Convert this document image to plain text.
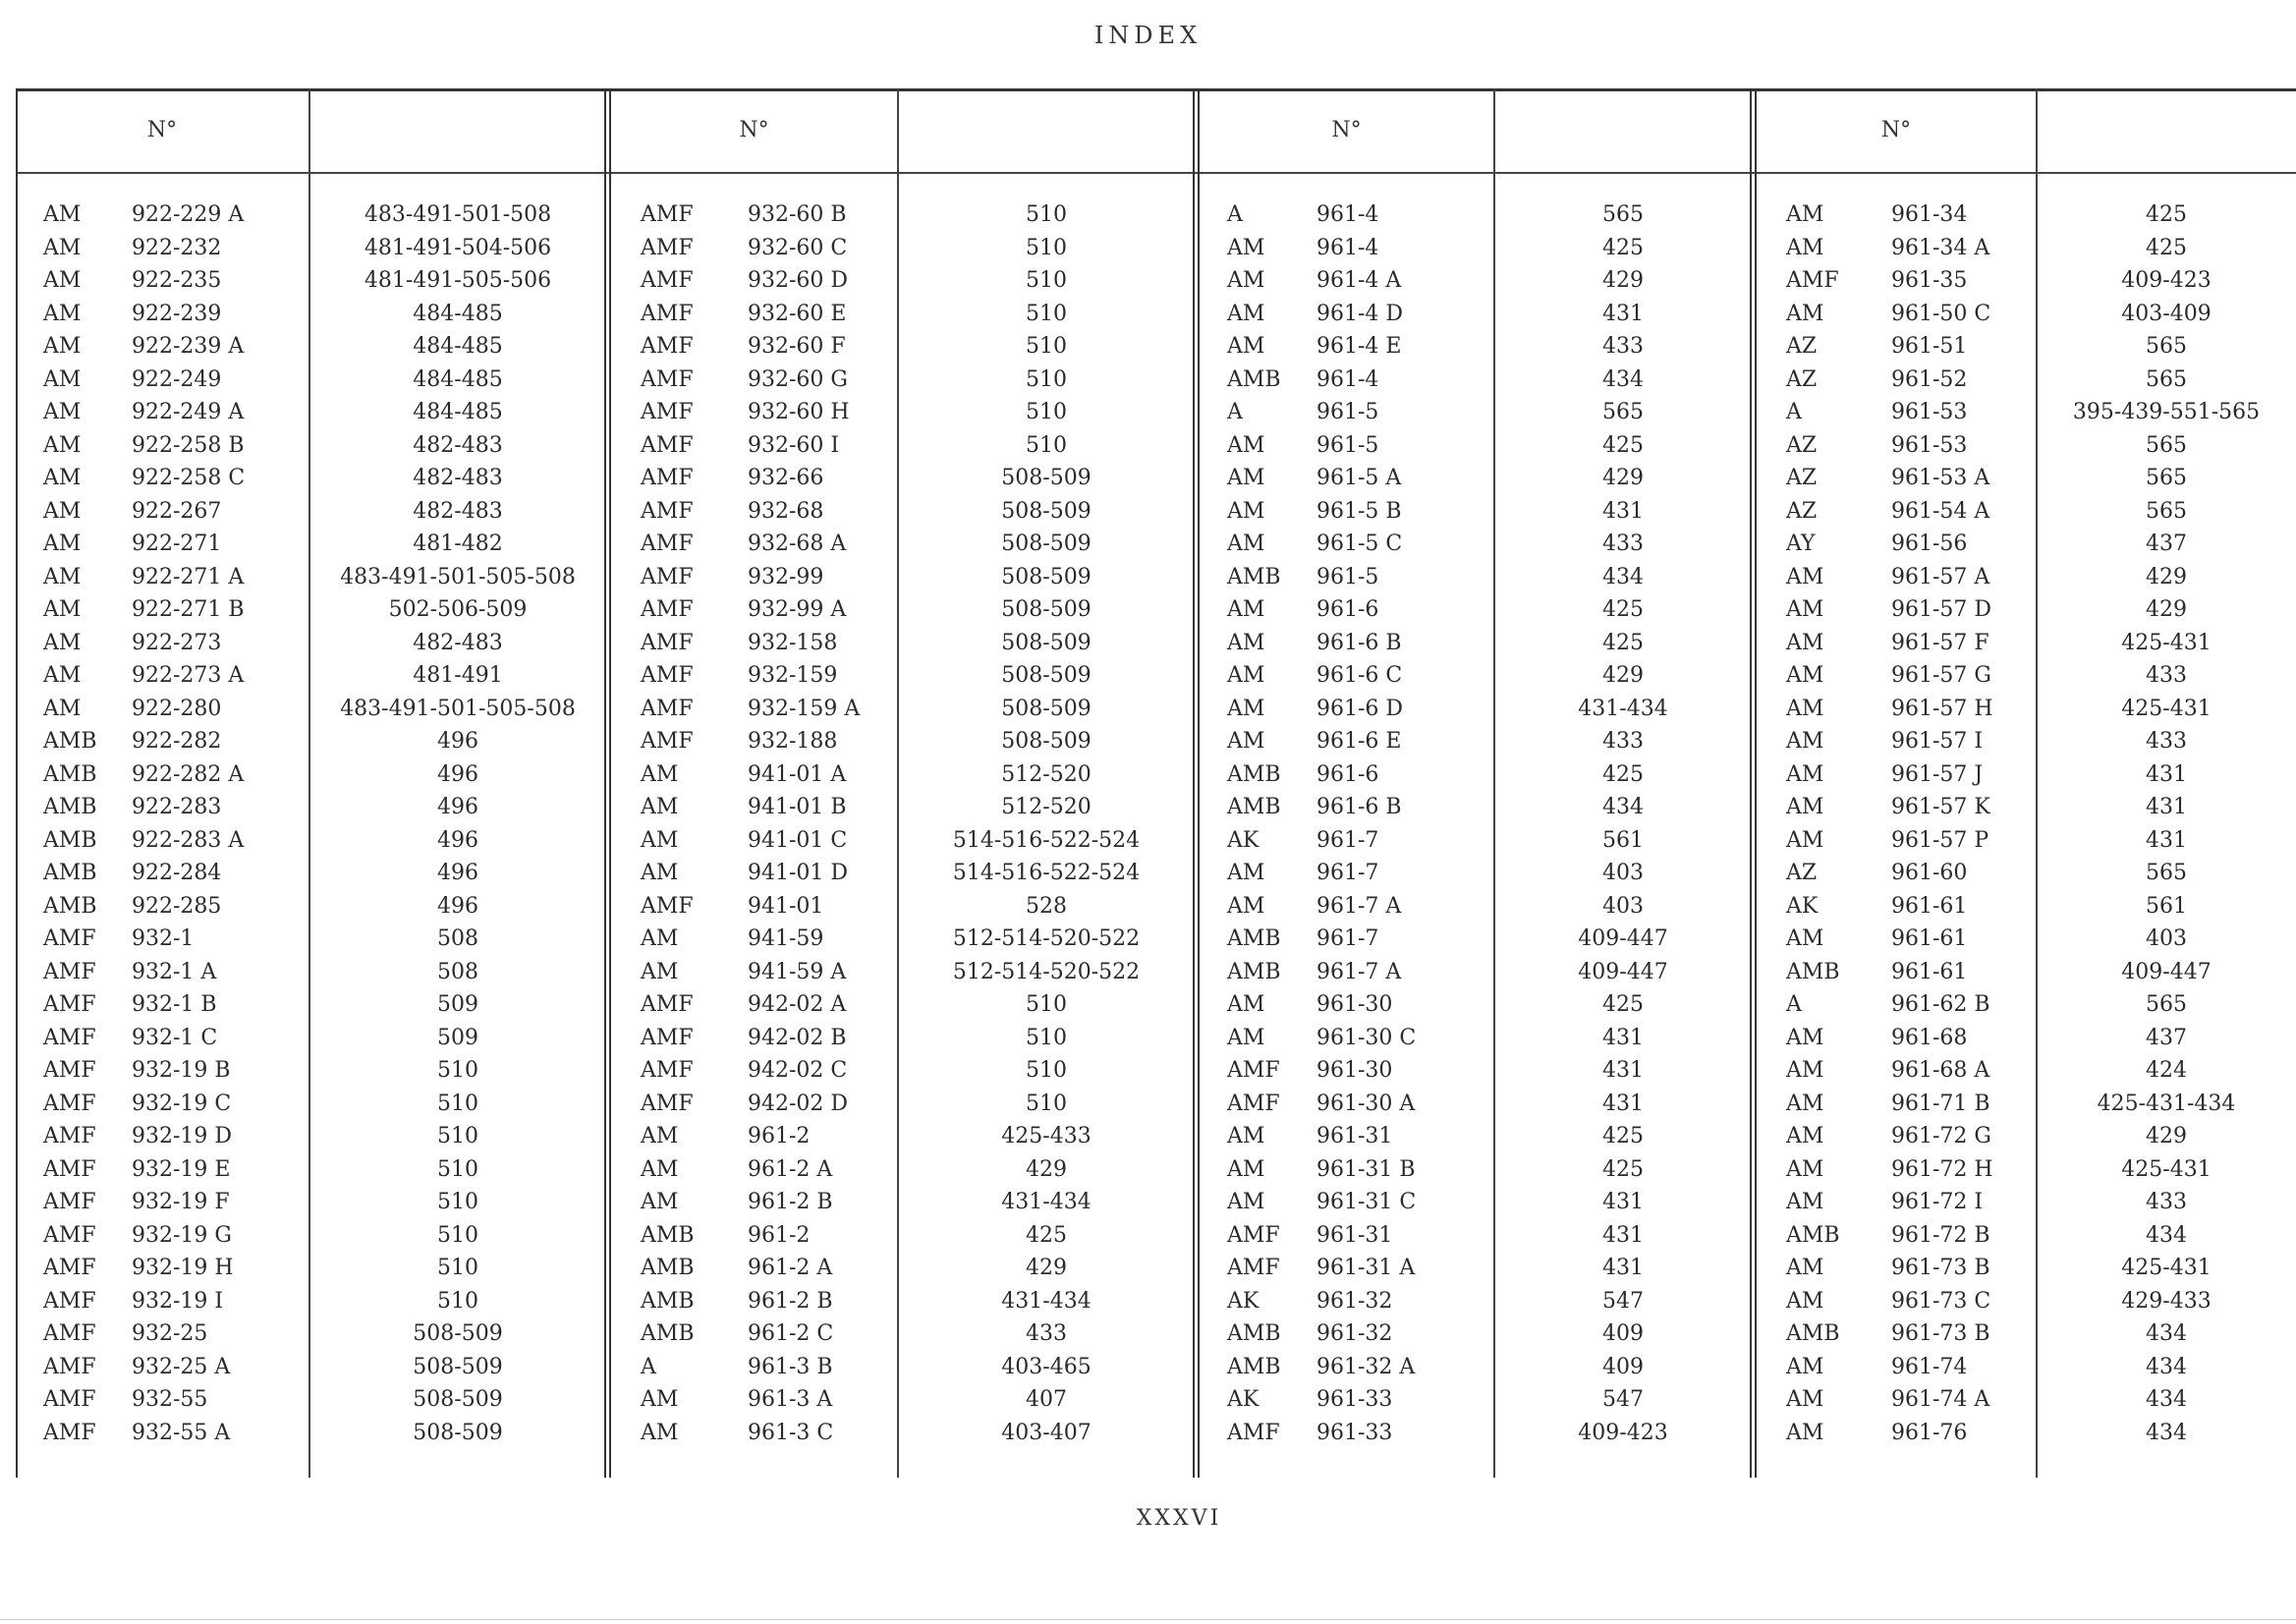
INDEX
N°	N°	N°	N°
AM 922-229 A	483-491-501-508
AM 922-232	481-491-504-506
AM 922-235	481-491-505-506
AM 922-239	484-485
AM 922-239 A	484-485
AM 922-249	484-485
AM 922-249 A	484-485
AM 922-258 B	482-483
AM 922-258 C	482-483
AM 922-267	482-483
AM 922-271	481-482
AM 922-271 A	483-491-501-505-508
AM 922-271 B	502-506-509
AM 922-273	482-483
AM 922-273 A	481-491
AM 922-280	483-491-501-505-508
AMB 922-282	496
AMB 922-282 A	496
AMB 922-283	496
AMB 922-283 A	496
AMB 922-284	496
AMB 922-285	496
AMF 932-1	508
AMF 932-1 A	508
AMF 932-1 B	509
AMF 932-1 C	509
AMF 932-19 B	510
AMF 932-19 C	510
AMF 932-19 D	510
AMF 932-19 E	510
AMF 932-19 F	510
AMF 932-19 G	510
AMF 932-19 H	510
AMF 932-19 I	510
AMF 932-25	508-509
AMF 932-25 A	508-509
AMF 932-55	508-509
AMF 932-55 A	508-509
AMF	932-60 B	510
AMF	932-60 C	510
AMF	932-60 D	510
AMF	932-60 E	510
AMF	932-60 F	510
AMF	932-60 G	510
AMF	932-60 H	510
AMF	932-60 I	510
AMF	932-66	508-509
AMF	932-68	508-509
AMF	932-68 A	508-509
AMF	932-99	508-509
AMF	932-99 A	508-509
AMF	932-158	508-509
AMF	932-159	508-509
AMF	932-159 A	508-509
AMF	932-188	508-509
AM	941-01 A	512-520
AM	941-01 B	512-520
AM	941-01 C	514-516-522-524
AM	941-01 D	514-516-522-524
AMF	941-01	528
AM	941-59	512-514-520-522
AM	941-59 A	512-514-520-522
AMF	942-02 A	510
AMF	942-02 B	510
AMF	942-02 C	510
AMF	942-02 D	510
AM	961-2	425-433
AM	961-2 A	429
AM	961-2 B	431-434
AMB 961-2	425
AMB 961-2 A	429
AMB 961-2 B	431-434
AMB 961-2 C	433
A	961-3 B	403-465
AM	961-3 A	407
AM	961-3 C	403-407
A	961-4	565
AM 961-4	425
AM 961-4 A	429
AM 961-4 D	431
AM 961-4 E	433
AMB 961-4	434
A	961-5	565
AM 961-5	425
AM 961-5 A	429
AM 961-5 B	431
AM 961-5 C	433
AMB 961-5	434
AM 961-6	425
AM 961-6 B	425
AM 961-6 C	429
AM 961-6 D	431-434
AM 961-6 E	433
AMB 961-6	425
AMB 961-6 B	434
AK	961-7	561
AM 961-7	403
AM 961-7 A	403
AMB 961-7	409-447
AMB 961-7 A	409-447
AM 961-30	425
AM 961-30 C	431
AMF 961-30	431
AMF 961-30 A	431
AM 961-31	425
AM 961-31 B	425
AM 961-31 C	431
AMF 961-31	431
AMF 961-31 A	431
AK	961-32	547
AMB 961-32	409
AMB 961-32 A	409
AK	961-33	547
AMF 961-33	409-423
AM	961-34	425
AM	961-34 A	425
AMF 961-35	409-423
AM	961-50 C	403-409
AZ	961-51	565
AZ	961-52	565
A	961-53	395-439-551-565
AZ	961-53	565
AZ	961-53 A	565
AZ	961-54 A	565
AY	961-56	437
AM	961-57 A	429
AM	961-57 D	429
AM	961-57 F	425-431
AM	961-57 G	433
AM	961-57 H	425-431
AM	961-57 I	433
AM	961-57 J	431
AM	961-57 K	431
AM	961-57 P	431
AZ	961-60	565
AK	961-61	561
AM	961-61	403
AMB 961-61	409-447
A	961-62 B	565
AM	961-68	437
AM	961-68 A	424
AM	961-71 B	425-431-434
AM	961-72 G	429
AM	961-72 H	425-431
AM	961-72 I	433
AMB 961-72 B	434
AM	961-73 B	425-431
AM	961-73 C	429-433
AMB 961-73 B	434
AM	961-74	434
AM	961-74 A	434
AM	961-76	434
XXXVI
